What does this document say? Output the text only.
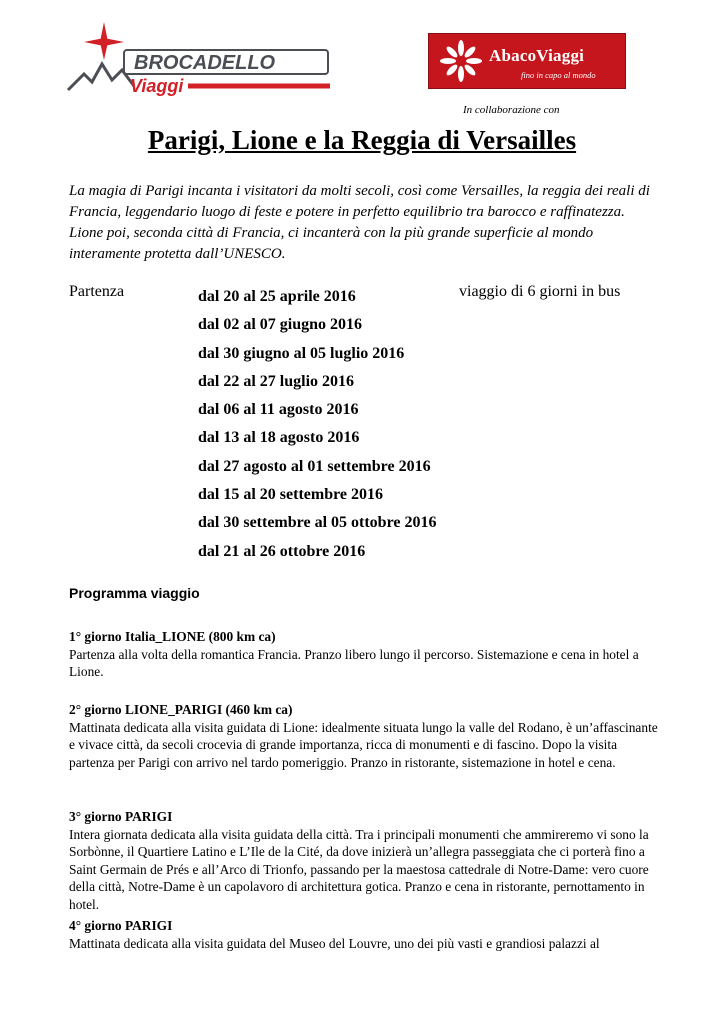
BROCADELLO
Viaggi
AbacoViaggi
fino in capo al mondo
In collaborazione con
Parigi, Lione e la Reggia di Versailles

La magia di Parigi incanta i visitatori da molti secoli, così come Versailles, la reggia dei reali di Francia, leggendario luogo di feste e potere in perfetto equilibrio tra barocco e raffinatezza. Lione poi, seconda città di Francia, ci incanterà con la più grande superficie al mondo interamente protetta dall’UNESCO.

Partenza	viaggio di 6 giorni in bus
dal 20 al 25 aprile 2016
dal 02 al 07 giugno 2016
dal 30 giugno al 05 luglio 2016
dal 22 al 27 luglio 2016
dal 06 al 11 agosto 2016
dal 13 al 18 agosto 2016
dal 27 agosto al 01 settembre 2016
dal 15 al 20 settembre 2016
dal 30 settembre al 05 ottobre 2016
dal 21 al 26 ottobre 2016
Programma viaggio
1° giorno Italia_LIONE (800 km ca)
Partenza alla volta della romantica Francia. Pranzo libero lungo il percorso. Sistemazione e cena in hotel a Lione.
2° giorno LIONE_PARIGI (460 km ca)
Mattinata dedicata alla visita guidata di Lione: idealmente situata lungo la valle del Rodano, è un’affascinante e vivace città, da secoli crocevia di grande importanza, ricca di monumenti e di fascino. Dopo la visita partenza per Parigi con arrivo nel tardo pomeriggio. Pranzo in ristorante, sistemazione in hotel e cena.
3° giorno PARIGI
Intera giornata dedicata alla visita guidata della città. Tra i principali monumenti che ammireremo vi sono la Sorbònne, il Quartiere Latino e L’Ile de la Cité, da dove inizierà un’allegra passeggiata che ci porterà fino a Saint Germain de Prés e all’Arco di Trionfo, passando per la maestosa cattedrale di Notre-Dame: vero cuore della città, Notre-Dame è un capolavoro di architettura gotica. Pranzo e cena in ristorante, pernottamento in hotel.
4° giorno PARIGI
Mattinata dedicata alla visita guidata del Museo del Louvre, uno dei più vasti e grandiosi palazzi al
